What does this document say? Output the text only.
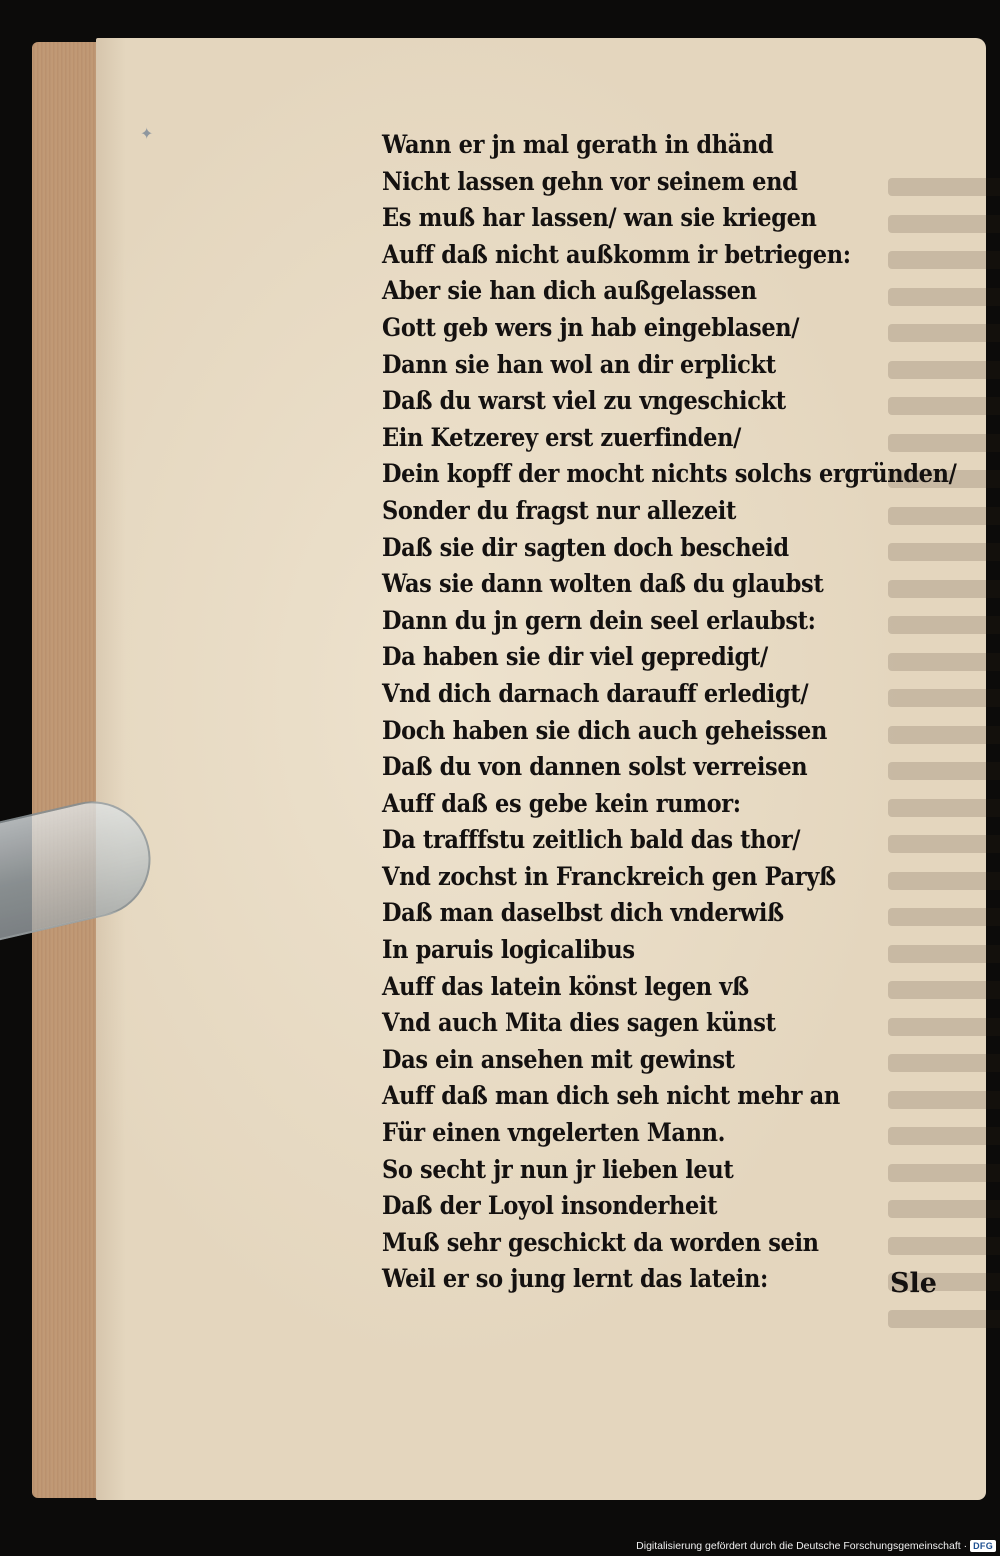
✦	Wann er jn mal gerath in dhänd
Nicht lassen gehn vor seinem end
Es muß har lassen/ wan sie kriegen
Auff daß nicht außkomm ir betriegen:
Aber sie han dich außgelassen
Gott geb wers jn hab eingeblasen/
Dann sie han wol an dir erplickt
Daß du warst viel zu vngeschickt
Ein Ketzerey erst zuerfinden/
Dein kopff der mocht nichts solchs ergründen/
Sonder du fragst nur allezeit
Daß sie dir sagten doch bescheid
Was sie dann wolten daß du glaubst
Dann du jn gern dein seel erlaubst:
Da haben sie dir viel gepredigt/
Vnd dich darnach darauff erledigt/
Doch haben sie dich auch geheissen
Daß du von dannen solst verreisen
Auff daß es gebe kein rumor:
Da trafffstu zeitlich bald das thor/
Vnd zochst in Franckreich gen Paryß
Daß man daselbst dich vnderwiß
In paruis logicalibus
Auff das latein könst legen vß
Vnd auch Mita dies sagen künst
Das ein ansehen mit gewinst
Auff daß man dich seh nicht mehr an
Für einen vngelerten Mann.
So secht jr nun jr lieben leut
Daß der Loyol insonderheit
Muß sehr geschickt da worden sein
Weil er so jung lernt das latein:	Sle
Digitalisierung gefördert durch die Deutsche Forschungsgemeinschaft · DFG
